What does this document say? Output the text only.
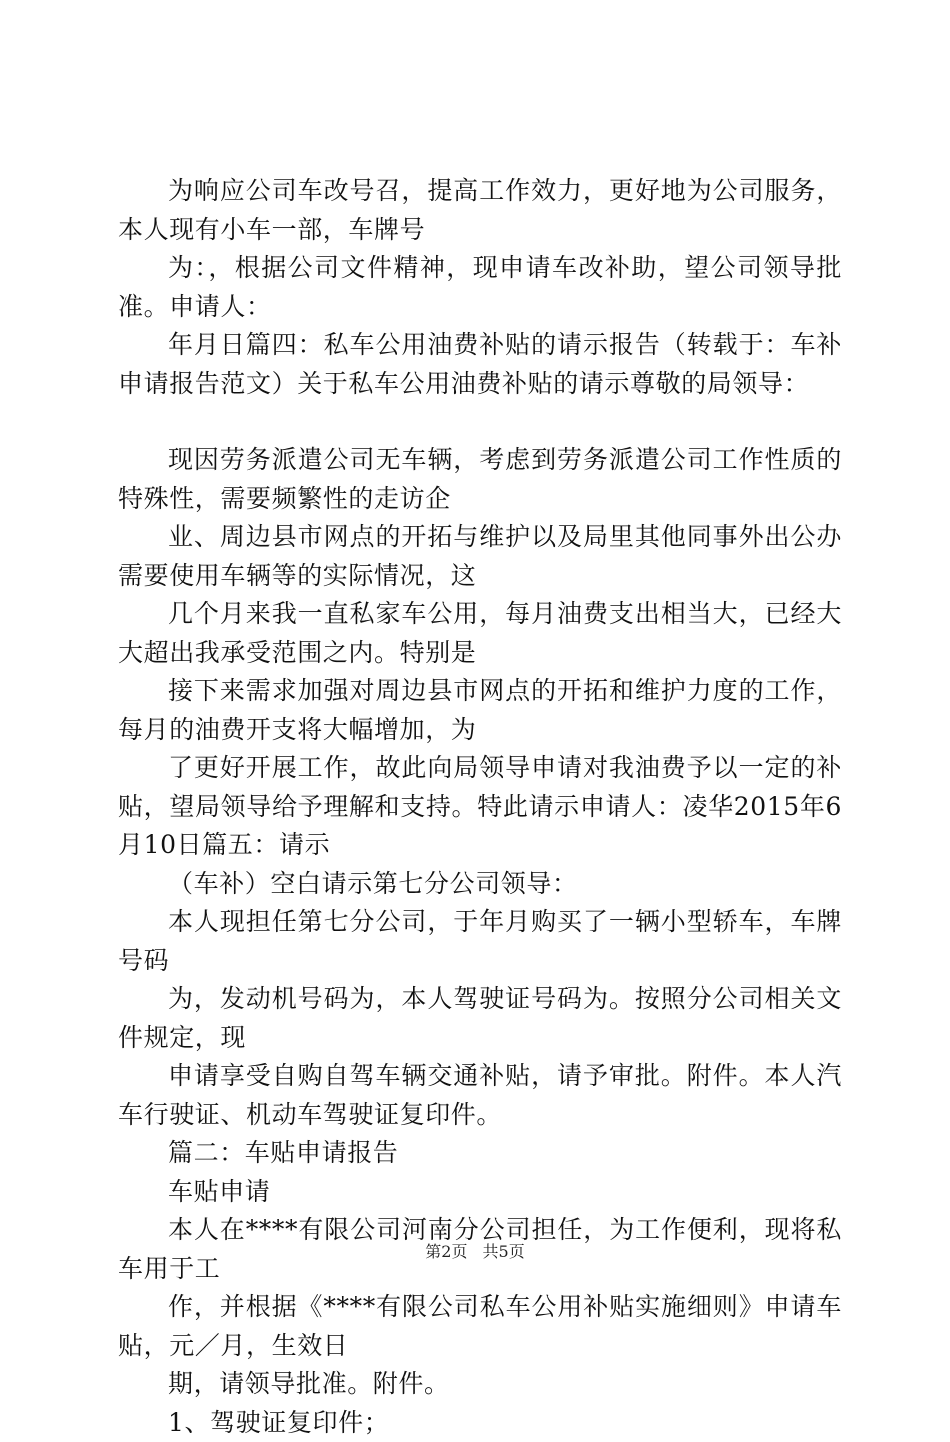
为响应公司车改号召，提高工作效力，更好地为公司服务，本人现有小车一部，车牌号

为：，根据公司文件精神，现申请车改补助，望公司领导批准。申请人：

年月日篇四：私车公用油费补贴的请示报告（转载于：车补申请报告范文）关于私车公用油费补贴的请示尊敬的局领导：

现因劳务派遣公司无车辆，考虑到劳务派遣公司工作性质的特殊性，需要频繁性的走访企

业、周边县市网点的开拓与维护以及局里其他同事外出公办需要使用车辆等的实际情况，这

几个月来我一直私家车公用，每月油费支出相当大，已经大大超出我承受范围之内。特别是

接下来需求加强对周边县市网点的开拓和维护力度的工作，每月的油费开支将大幅增加，为

了更好开展工作，故此向局领导申请对我油费予以一定的补贴，望局领导给予理解和支持。特此请示申请人：凌华2015年6月10日篇五：请示

（车补）空白请示第七分公司领导：

本人现担任第七分公司，于年月购买了一辆小型轿车，车牌号码

为，发动机号码为，本人驾驶证号码为。按照分公司相关文件规定，现

申请享受自购自驾车辆交通补贴，请予审批。附件。本人汽车行驶证、机动车驾驶证复印件。

篇二：车贴申请报告

车贴申请

本人在****有限公司河南分公司担任，为工作便利，现将私车用于工

作，并根据《****有限公司私车公用补贴实施细则》申请车贴，元／月，生效日

期，请领导批准。附件。

1、驾驶证复印件；

第2页 共5页
